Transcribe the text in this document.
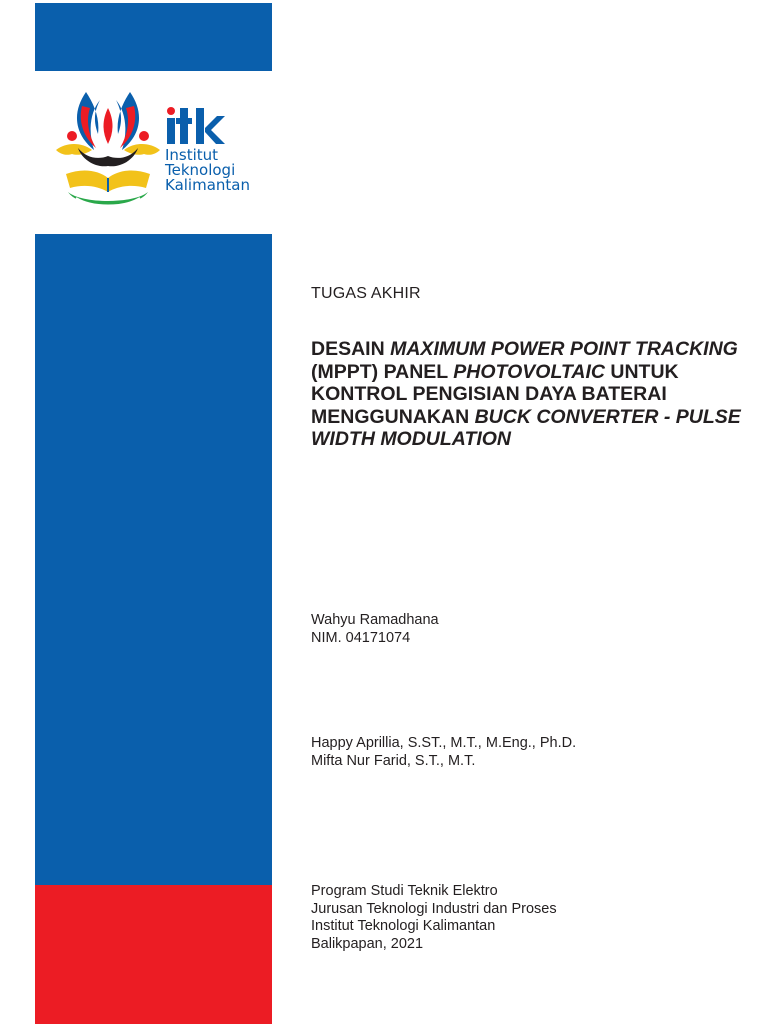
Institut
Teknologi
Kalimantan
TUGAS AKHIR
DESAIN MAXIMUM POWER POINT TRACKING (MPPT) PANEL PHOTOVOLTAIC UNTUK KONTROL PENGISIAN DAYA BATERAI MENGGUNAKAN BUCK CONVERTER - PULSE WIDTH MODULATION
Wahyu Ramadhana
NIM. 04171074
Happy Aprillia, S.ST., M.T., M.Eng., Ph.D.
Mifta Nur Farid, S.T., M.T.
Program Studi Teknik Elektro
Jurusan Teknologi Industri dan Proses
Institut Teknologi Kalimantan
Balikpapan, 2021
